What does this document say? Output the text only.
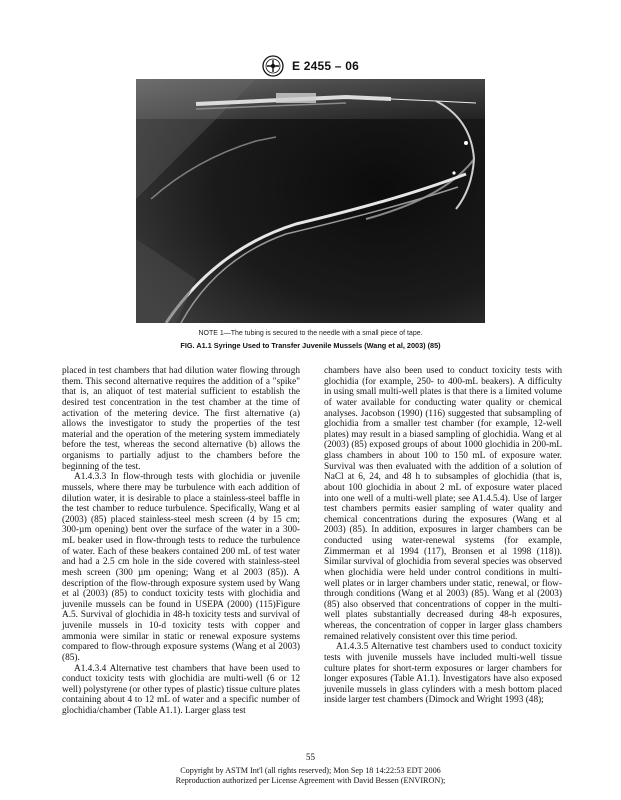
E 2455 – 06
NOTE 1—The tubing is secured to the needle with a small piece of tape.
FIG. A1.1 Syringe Used to Transfer Juvenile Mussels (Wang et al, 2003) (85)

placed in test chambers that had dilution water flowing through them. This second alternative requires the addition of a "spike" that is, an aliquot of test material sufficient to establish the desired test concentration in the test chamber at the time of activation of the metering device. The first alternative (a) allows the investigator to study the properties of the test material and the operation of the metering system immediately before the test, whereas the second alternative (b) allows the organisms to partially adjust to the chambers before the beginning of the test.

A1.4.3.3 In flow-through tests with glochidia or juvenile mussels, where there may be turbulence with each addition of dilution water, it is desirable to place a stainless-steel baffle in the test chamber to reduce turbulence. Specifically, Wang et al (2003) (85) placed stainless-steel mesh screen (4 by 15 cm; 300-µm opening) bent over the surface of the water in a 300-mL beaker used in flow-through tests to reduce the turbulence of water. Each of these beakers contained 200 mL of test water and had a 2.5 cm hole in the side covered with stainless-steel mesh screen (300 µm opening; Wang et al 2003 (85)). A description of the flow-through exposure system used by Wang et al (2003) (85) to conduct toxicity tests with glochidia and juvenile mussels can be found in USEPA (2000) (115)Figure A.5. Survival of glochidia in 48-h toxicity tests and survival of juvenile mussels in 10-d toxicity tests with copper and ammonia were similar in static or renewal exposure systems compared to flow-through exposure systems (Wang et al 2003) (85).

A1.4.3.4 Alternative test chambers that have been used to conduct toxicity tests with glochidia are multi-well (6 or 12 well) polystyrene (or other types of plastic) tissue culture plates containing about 4 to 12 mL of water and a specific number of glochidia/chamber (Table A1.1). Larger glass test

chambers have also been used to conduct toxicity tests with glochidia (for example, 250- to 400-mL beakers). A difficulty in using small multi-well plates is that there is a limited volume of water available for conducting water quality or chemical analyses. Jacobson (1990) (116) suggested that subsampling of glochidia from a smaller test chamber (for example, 12-well plates) may result in a biased sampling of glochidia. Wang et al (2003) (85) exposed groups of about 1000 glochidia in 200-mL glass chambers in about 100 to 150 mL of exposure water. Survival was then evaluated with the addition of a solution of NaCl at 6, 24, and 48 h to subsamples of glochidia (that is, about 100 glochidia in about 2 mL of exposure water placed into one well of a multi-well plate; see A1.4.5.4). Use of larger test chambers permits easier sampling of water quality and chemical concentrations during the exposures (Wang et al 2003) (85). In addition, exposures in larger chambers can be conducted using water-renewal systems (for example, Zimmerman et al 1994 (117), Bronsen et al 1998 (118)). Similar survival of glochidia from several species was observed when glochidia were held under control conditions in multi-well plates or in larger chambers under static, renewal, or flow-through conditions (Wang et al 2003) (85). Wang et al (2003) (85) also observed that concentrations of copper in the multi-well plates substantially decreased during 48-h exposures, whereas, the concentration of copper in larger glass chambers remained relatively consistent over this time period.

A1.4.3.5 Alternative test chambers used to conduct toxicity tests with juvenile mussels have included multi-well tissue culture plates for short-term exposures or larger chambers for longer exposures (Table A1.1). Investigators have also exposed juvenile mussels in glass cylinders with a mesh bottom placed inside larger test chambers (Dimock and Wright 1993 (48);

55
Copyright by ASTM Int'l (all rights reserved); Mon Sep 18 14:22:53 EDT 2006
Reproduction authorized per License Agreement with David Bessen (ENVIRON);
